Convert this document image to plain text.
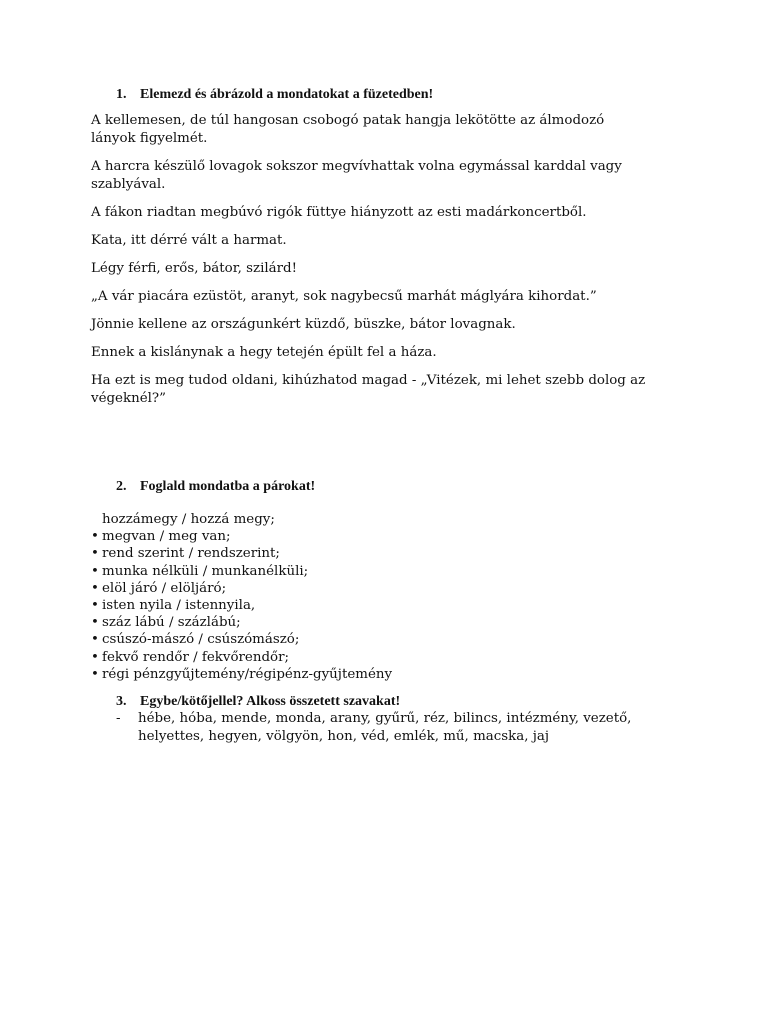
1. Elemezd és ábrázold a mondatokat a füzetedben!

A kellemesen, de túl hangosan csobogó patak hangja lekötötte az álmodozó lányok figyelmét.

A harcra készülő lovagok sokszor megvívhattak volna egymással karddal vagy szablyával.

A fákon riadtan megbúvó rigók füttye hiányzott az esti madárkoncertből.

Kata, itt dérré vált a harmat.

Légy férfi, erős, bátor, szilárd!

„A vár piacára ezüstöt, aranyt, sok nagybecsű marhát máglyára kihordat.”

Jönnie kellene az országunkért küzdő, büszke, bátor lovagnak.

Ennek a kislánynak a hegy tetején épült fel a háza.

Ha ezt is meg tudod oldani, kihúzhatod magad - „Vitézek, mi lehet szebb dolog az végeknél?”

2. Foglald mondatba a párokat!
hozzámegy / hozzá megy;
• megvan / meg van;
• rend szerint / rendszerint;
• munka nélküli / munkanélküli;
• elöl járó / elöljáró;
• isten nyila / istennyila,
• száz lábú / százlábú;
• csúszó-mászó / csúszómászó;
• fekvő rendőr / fekvőrendőr;
• régi pénzgyűjtemény/régipénz-gyűjtemény
3. Egybe/kötőjellel? Alkoss összetett szavakat!
- hébe, hóba, mende, monda, arany, gyűrű, réz, bilincs, intézmény, vezető, helyettes, hegyen, völgyön, hon, véd, emlék, mű, macska, jaj
